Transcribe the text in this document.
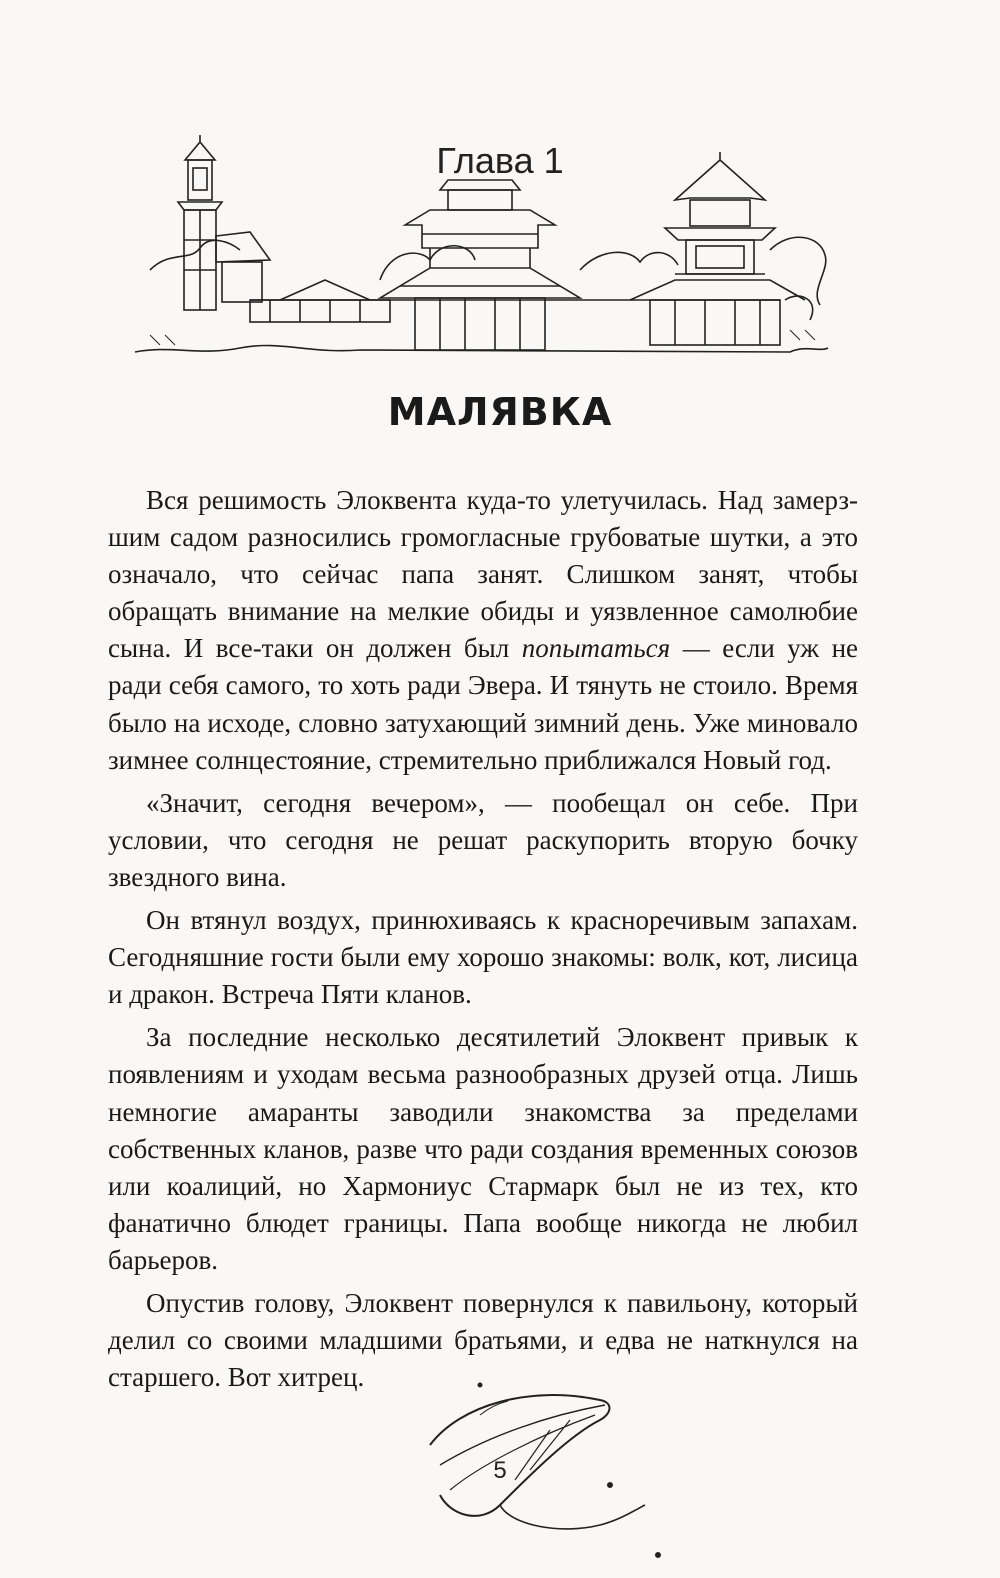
Глава 1
МАЛЯВКА

Вся решимость Элоквента куда-то улетучилась. Над замерзшим садом разносились громогласные грубоватые шутки, а это означало, что сейчас папа занят. Слишком занят, чтобы обращать внимание на мелкие обиды и уязвленное самолюбие сына. И все-таки он должен был попытаться — если уж не ради себя самого, то хоть ради Эвера. И тянуть не стоило. Время было на исходе, словно затухающий зимний день. Уже миновало зимнее солнцестояние, стремительно приближался Новый год.

«Значит, сегодня вечером», — пообещал он себе. При условии, что сегодня не решат раскупорить вторую бочку звездного вина.

Он втянул воздух, принюхиваясь к красноречивым запахам. Сегодняшние гости были ему хорошо знакомы: волк, кот, лисица и дракон. Встреча Пяти кланов.

За последние несколько десятилетий Элоквент привык к появлениям и уходам весьма разнообразных друзей отца. Лишь немногие амаранты заводили знакомства за пределами собственных кланов, разве что ради создания временных союзов или коалиций, но Хармониус Стармарк был не из тех, кто фанатично блюдет границы. Папа вообще никогда не любил барьеров.

Опустив голову, Элоквент повернулся к павильону, который делил со своими младшими братьями, и едва не наткнулся на старшего. Вот хитрец.

5
